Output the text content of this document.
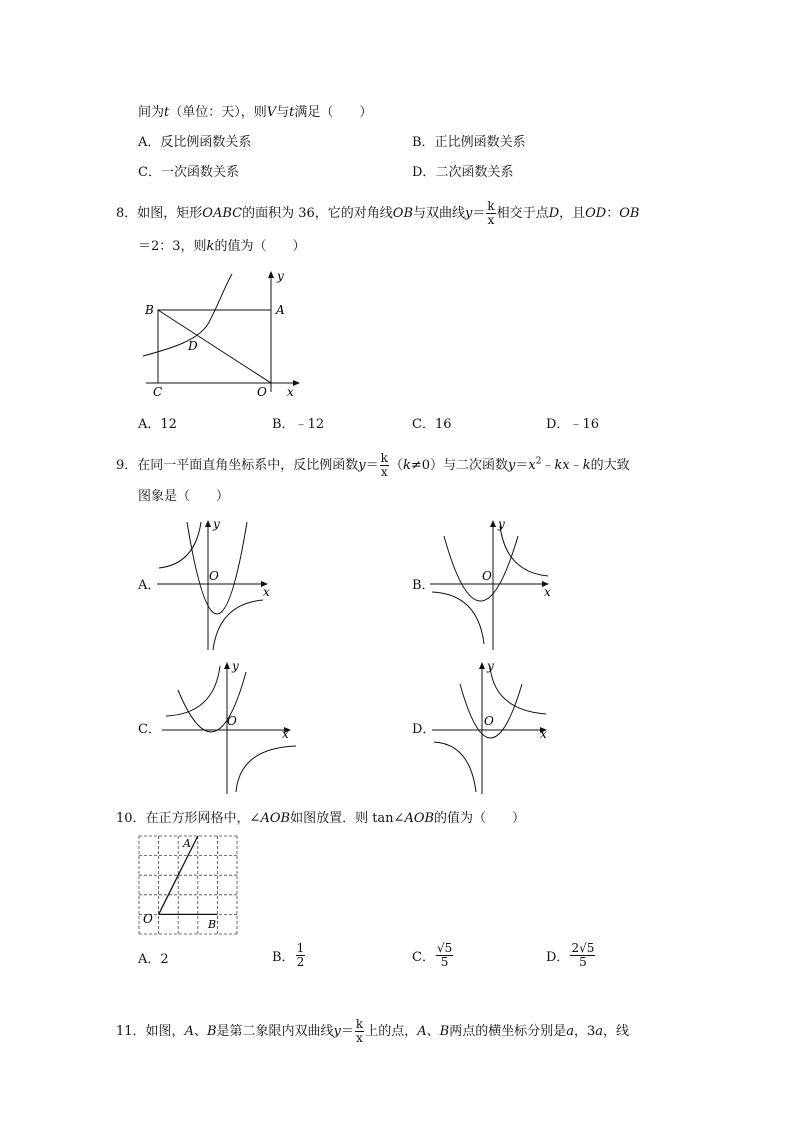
间为t（单位：天），则V与t满足（　　）
A．反比例函数关系	B．正比例函数关系
C．一次函数关系	D．二次函数关系
8．如图，矩形OABC的面积为 36，它的对角线OB与双曲线$y= \frac{k}{x}$ 相交于点D，且OD：OB
＝2：3，则k的值为（　　）
B	A
D
C	O x
y
A．12	B．﹣12	C．16	D．﹣16
9．在同一平面直角坐标系中，反比例函数$y= \frac{k}{x} (k\ne 0)$与二次函数$y=x^2﹣kx﹣k$的大致
图象是（　　）
A．
O
x
y
B．
O
x
y
C．
O
x
y
D．
O
x
y
10．在正方形网格中，∠AOB如图放置．则 tan∠AOB的值为（　　）
A
O	B
A．2	B． $\frac{1}{2}$	C． $\frac{√5}{5}$	D． $\frac{2√5}{5}$
11．如图，A、B是第二象限内双曲线$y= \frac{k}{x}$ 上的点，A、B两点的横坐标分别是a，3a，线
